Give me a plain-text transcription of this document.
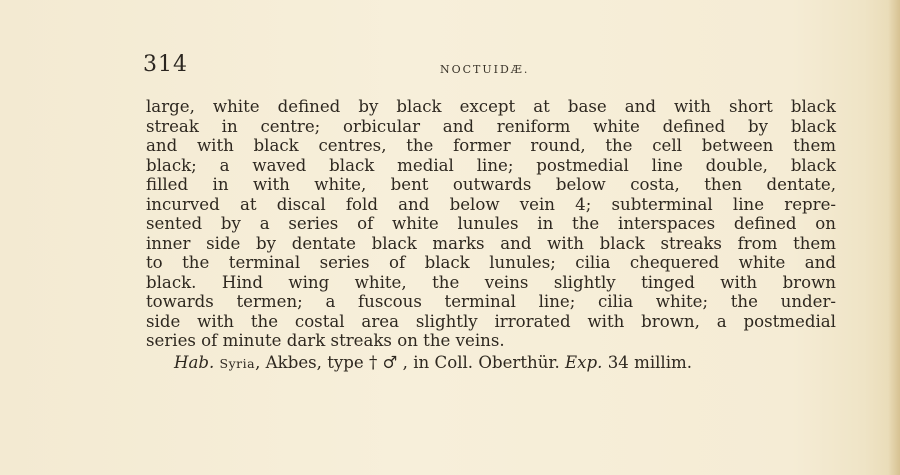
314	NOCTUIDÆ.
large, white defined by black except at base and with short black
streak in centre; orbicular and reniform white defined by black
and with black centres, the former round, the cell between them
black; a waved black medial line; postmedial line double, black
filled in with white, bent outwards below costa, then dentate,
incurved at discal fold and below vein 4; subterminal line repre-
sented by a series of white lunules in the interspaces defined on
inner side by dentate black marks and with black streaks from them
to the terminal series of black lunules; cilia chequered white and
black. Hind wing white, the veins slightly tinged with brown
towards termen; a fuscous terminal line; cilia white; the under-
side with the costal area slightly irrorated with brown, a postmedial
series of minute dark streaks on the veins.
Hab. Syria, Akbes, type † ♂ , in Coll. Oberthür. Exp. 34 millim.
